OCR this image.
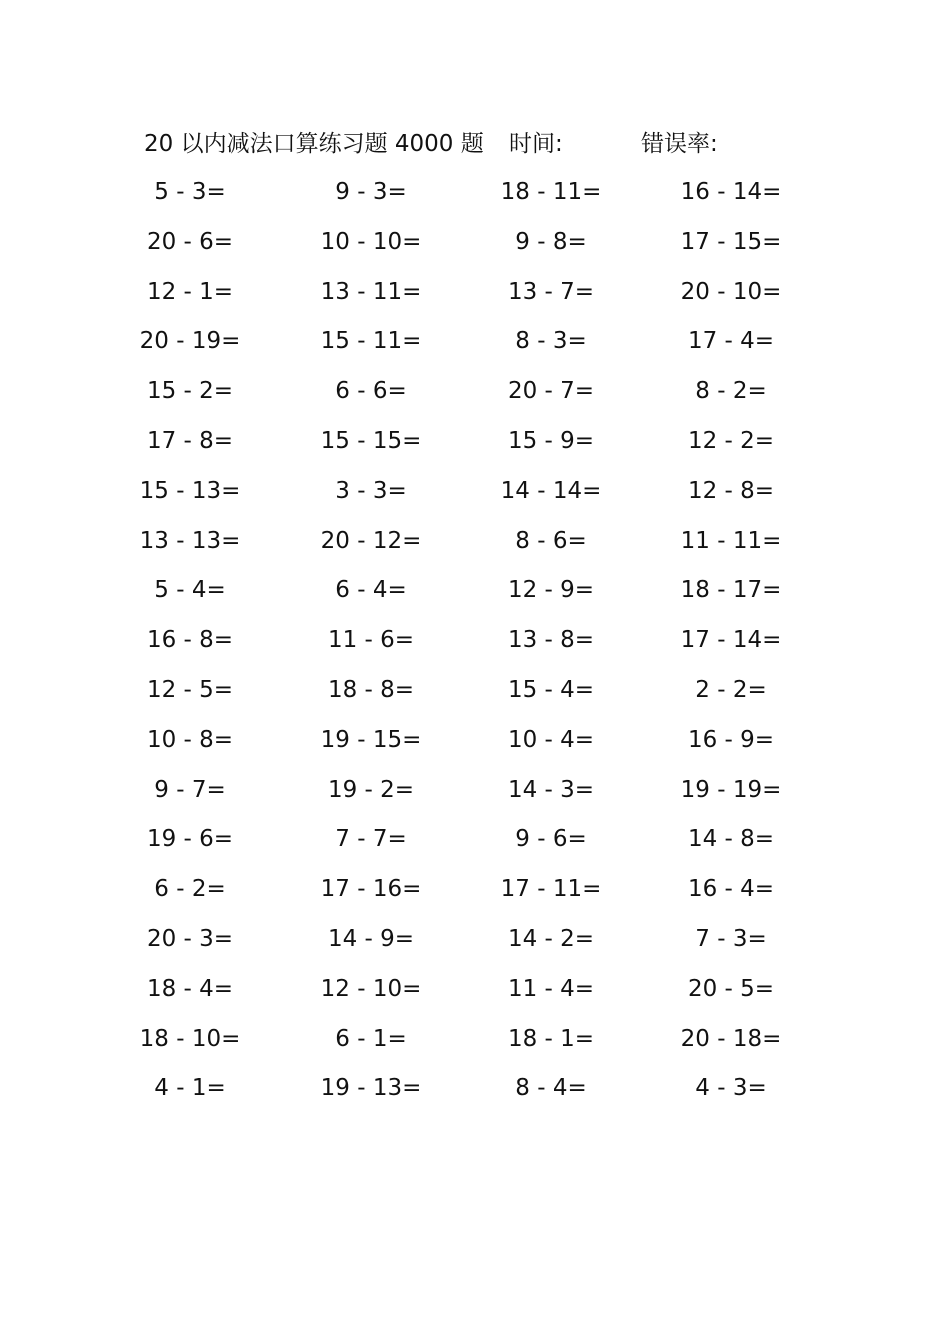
20 以内减法口算练习题 4000 题 时间:	错误率:
5 - 3=	9 - 3=	18 - 11=	16 - 14=
20 - 6=	10 - 10=	9 - 8=	17 - 15=
12 - 1=	13 - 11=	13 - 7=	20 - 10=
20 - 19=	15 - 11=	8 - 3=	17 - 4=
15 - 2=	6 - 6=	20 - 7=	8 - 2=
17 - 8=	15 - 15=	15 - 9=	12 - 2=
15 - 13=	3 - 3=	14 - 14=	12 - 8=
13 - 13=	20 - 12=	8 - 6=	11 - 11=
5 - 4=	6 - 4=	12 - 9=	18 - 17=
16 - 8=	11 - 6=	13 - 8=	17 - 14=
12 - 5=	18 - 8=	15 - 4=	2 - 2=
10 - 8=	19 - 15=	10 - 4=	16 - 9=
9 - 7=	19 - 2=	14 - 3=	19 - 19=
19 - 6=	7 - 7=	9 - 6=	14 - 8=
6 - 2=	17 - 16=	17 - 11=	16 - 4=
20 - 3=	14 - 9=	14 - 2=	7 - 3=
18 - 4=	12 - 10=	11 - 4=	20 - 5=
18 - 10=	6 - 1=	18 - 1=	20 - 18=
4 - 1=	19 - 13=	8 - 4=	4 - 3=
